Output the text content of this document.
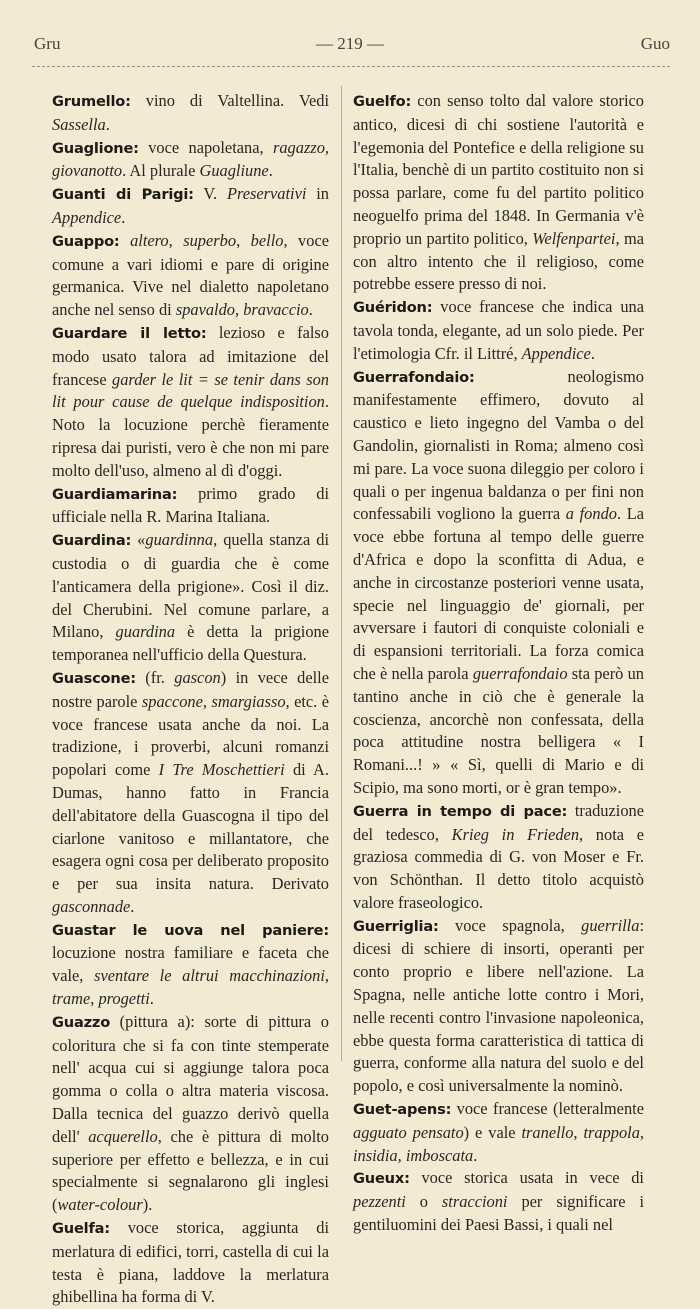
Gru	— 219 —	Guo

Grumello: vino di Valtellina. Vedi Sassella.

Guaglione: voce napoletana, ragazzo, giovanotto. Al plurale Guagliune.

Guanti di Parigi: V. Preservativi in Appendice.

Guappo: altero, superbo, bello, voce comune a vari idiomi e pare di origine germanica. Vive nel dialetto napoletano anche nel senso di spavaldo, bravaccio.

Guardare il letto: lezioso e falso modo usato talora ad imitazione del francese garder le lit = se tenir dans son lit pour cause de quelque indisposition. Noto la locuzione perchè fieramente ripresa dai puristi, vero è che non mi pare molto dell'uso, almeno al dì d'oggi.

Guardiamarina: primo grado di ufficiale nella R. Marina Italiana.

Guardina: «guardinna, quella stanza di custodia o di guardia che è come l'anticamera della prigione». Così il diz. del Cherubini. Nel comune parlare, a Milano, guardina è detta la prigione temporanea nell'ufficio della Questura.

Guascone: (fr. gascon) in vece delle nostre parole spaccone, smargiasso, etc. è voce francese usata anche da noi. La tradizione, i proverbi, alcuni romanzi popolari come I Tre Moschettieri di A. Dumas, hanno fatto in Francia dell'abitatore della Guascogna il tipo del ciarlone vanitoso e millantatore, che esagera ogni cosa per deliberato proposito e per sua insita natura. Derivato gasconnade.

Guastar le uova nel paniere: locuzione nostra familiare e faceta che vale, sventare le altrui macchinazioni, trame, progetti.

Guazzo (pittura a): sorte di pittura o coloritura che si fa con tinte stemperate nell' acqua cui si aggiunge talora poca gomma o colla o altra materia viscosa. Dalla tecnica del guazzo derivò quella dell' acquerello, che è pittura di molto superiore per effetto e bellezza, e in cui specialmente si segnalarono gli inglesi (water-colour).

Guelfa: voce storica, aggiunta di merlatura di edifici, torri, castella di cui la testa è piana, laddove la merlatura ghibellina ha forma di V.

Guelfo: con senso tolto dal valore storico antico, dicesi di chi sostiene l'autorità e l'egemonia del Pontefice e della religione su l'Italia, benchè di un partito costituito non si possa parlare, come fu del partito politico neoguelfo prima del 1848. In Germania v'è proprio un partito politico, Welfenpartei, ma con altro intento che il religioso, come potrebbe essere presso di noi.

Guéridon: voce francese che indica una tavola tonda, elegante, ad un solo piede. Per l'etimologia Cfr. il Littré, Appendice.

Guerrafondaio: neologismo manifestamente effimero, dovuto al caustico e lieto ingegno del Vamba o del Gandolin, giornalisti in Roma; almeno così mi pare. La voce suona dileggio per coloro i quali o per ingenua baldanza o per fini non confessabili vogliono la guerra a fondo. La voce ebbe fortuna al tempo delle guerre d'Africa e dopo la sconfitta di Adua, e anche in circostanze posteriori venne usata, specie nel linguaggio de' giornali, per avversare i fautori di conquiste coloniali e di espansioni territoriali. La forza comica che è nella parola guerrafondaio sta però un tantino anche in ciò che è generale la coscienza, ancorchè non confessata, della poca attitudine nostra belligera « I Romani...! » « Sì, quelli di Mario e di Scipio, ma sono morti, or è gran tempo».

Guerra in tempo di pace: traduzione del tedesco, Krieg in Frieden, nota e graziosa commedia di G. von Moser e Fr. von Schönthan. Il detto titolo acquistò valore fraseologico.

Guerriglia: voce spagnola, guerrilla: dicesi di schiere di insorti, operanti per conto proprio e libere nell'azione. La Spagna, nelle antiche lotte contro i Mori, nelle recenti contro l'invasione napoleonica, ebbe questa forma caratteristica di tattica di guerra, conforme alla natura del suolo e del popolo, e così universalmente la nominò.

Guet-apens: voce francese (letteralmente agguato pensato) e vale tranello, trappola, insidia, imboscata.

Gueux: voce storica usata in vece di pezzenti o straccioni per significare i gentiluomini dei Paesi Bassi, i quali nel
